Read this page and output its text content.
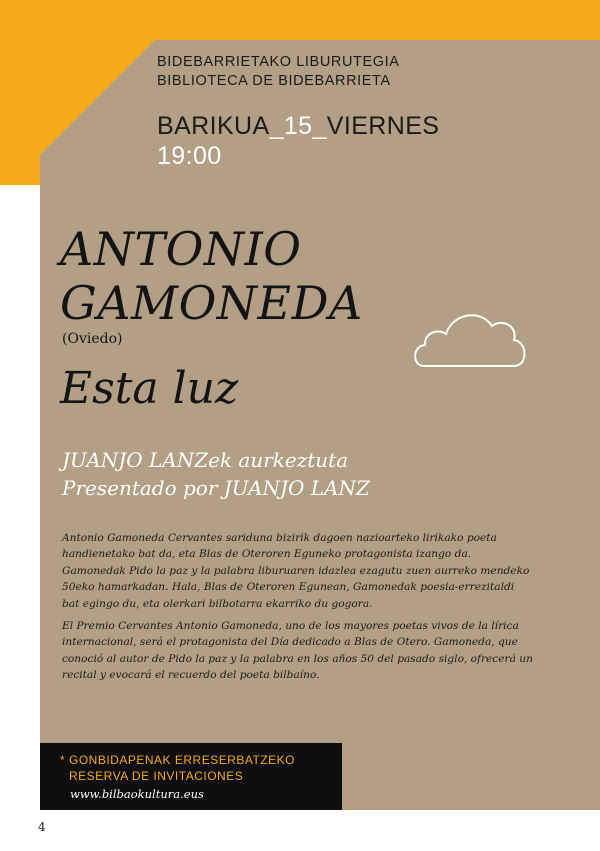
BIDEBARRIETAKO LIBURUTEGIA
BIBLIOTECA DE BIDEBARRIETA
BARIKUA_15_VIERNES
19:00
ANTONIO
GAMONEDA
(Oviedo)
Esta luz
JUANJO LANZek aurkeztuta
Presentado por JUANJO LANZ

Antonio Gamoneda Cervantes sariduna bizirik dagoen nazioarteko lirikako poeta handienetako bat da, eta Blas de Oteroren Eguneko protagonista izango da. Gamonedak Pido la paz y la palabra liburuaren idazlea ezagutu zuen aurreko mendeko 50eko hamarkadan. Hala, Blas de Oteroren Egunean, Gamonedak poesia-errezitaldi bat egingo du, eta olerkari bilbotarra ekarriko du gogora.

El Premio Cervantes Antonio Gamoneda, uno de los mayores poetas vivos de la lírica internacional, será el protagonista del Día dedicado a Blas de Otero. Gamoneda, que conoció al autor de Pido la paz y la palabra en los años 50 del pasado siglo, ofrecerá un recital y evocará el recuerdo del poeta bilbaíno.

* GONBIDAPENAK ERRESERBATZEKO
RESERVA DE INVITACIONES
www.bilbaokultura.eus
4
